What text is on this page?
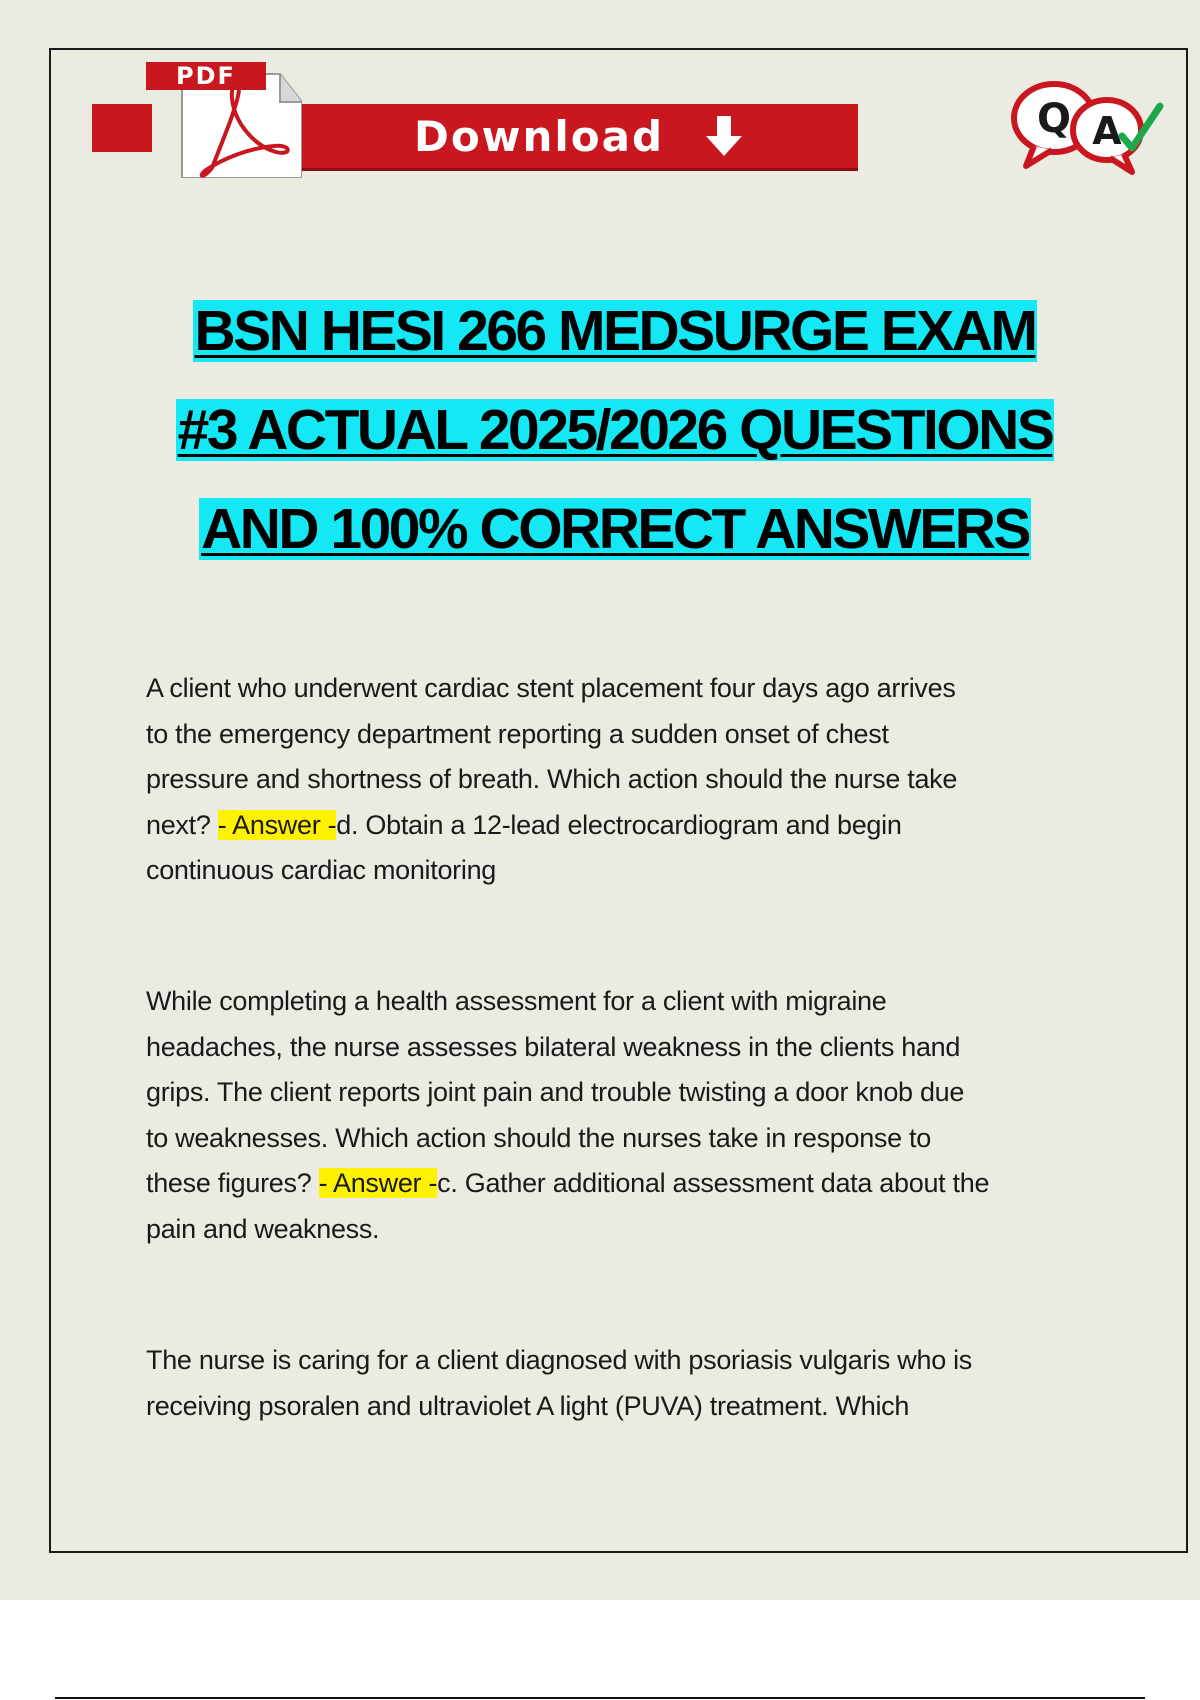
PDF
Download	Q A
BSN HESI 266 MEDSURGE EXAM
#3 ACTUAL 2025/2026 QUESTIONS
AND 100% CORRECT ANSWERS
A client who underwent cardiac stent placement four days ago arrives
to the emergency department reporting a sudden onset of chest
pressure and shortness of breath. Which action should the nurse take
next? - Answer -d. Obtain a 12-lead electrocardiogram and begin
continuous cardiac monitoring
While completing a health assessment for a client with migraine
headaches, the nurse assesses bilateral weakness in the clients hand
grips. The client reports joint pain and trouble twisting a door knob due
to weaknesses. Which action should the nurses take in response to
these figures? - Answer -c. Gather additional assessment data about the
pain and weakness.
The nurse is caring for a client diagnosed with psoriasis vulgaris who is
receiving psoralen and ultraviolet A light (PUVA) treatment. Which
